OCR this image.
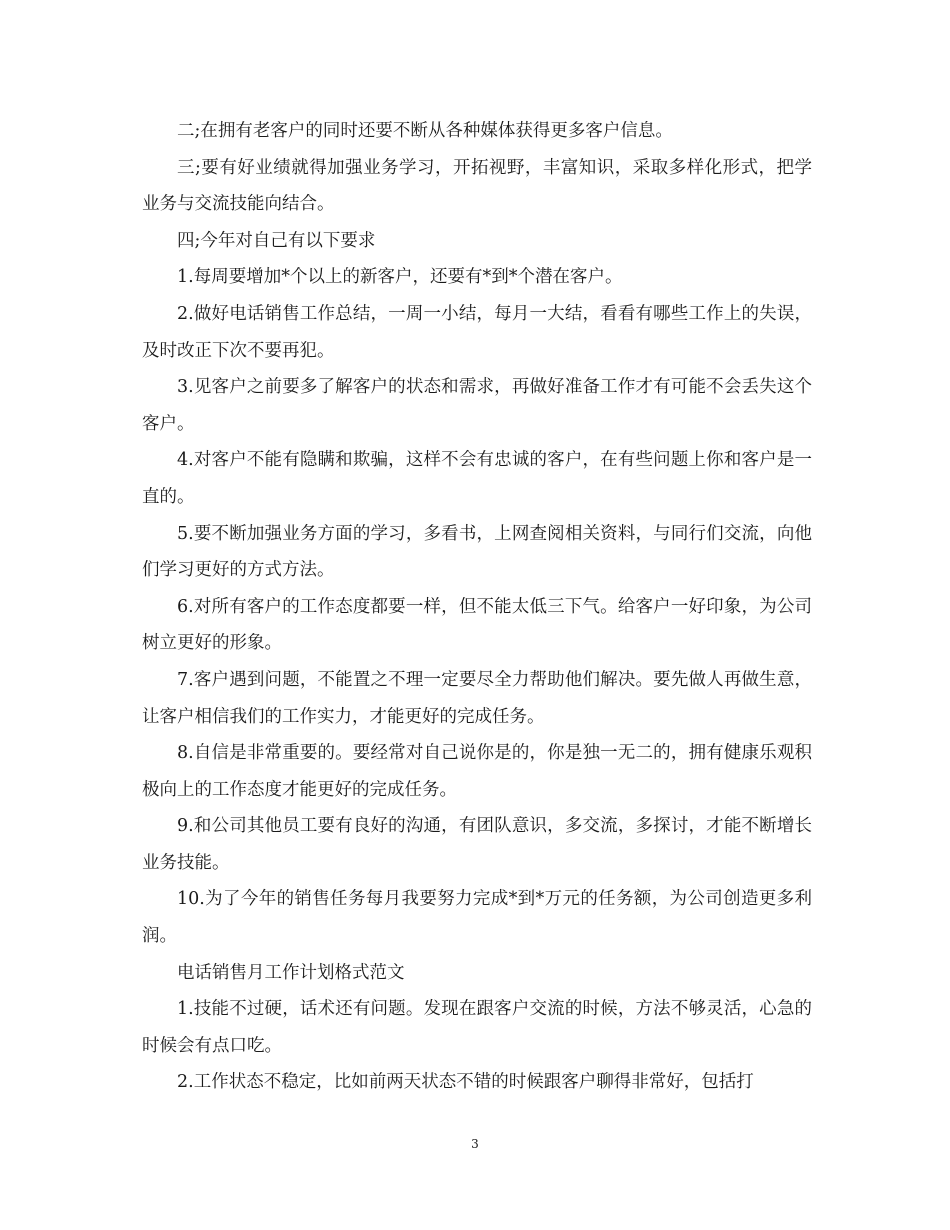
二;在拥有老客户的同时还要不断从各种媒体获得更多客户信息。

三;要有好业绩就得加强业务学习，开拓视野，丰富知识，采取多样化形式，把学业务与交流技能向结合。

四;今年对自己有以下要求

1.每周要增加*个以上的新客户，还要有*到*个潜在客户。

2.做好电话销售工作总结，一周一小结，每月一大结，看看有哪些工作上的失误，及时改正下次不要再犯。

3.见客户之前要多了解客户的状态和需求，再做好准备工作才有可能不会丢失这个客户。

4.对客户不能有隐瞒和欺骗，这样不会有忠诚的客户，在有些问题上你和客户是一直的。

5.要不断加强业务方面的学习，多看书，上网查阅相关资料，与同行们交流，向他们学习更好的方式方法。

6.对所有客户的工作态度都要一样，但不能太低三下气。给客户一好印象，为公司树立更好的形象。

7.客户遇到问题，不能置之不理一定要尽全力帮助他们解决。要先做人再做生意，让客户相信我们的工作实力，才能更好的完成任务。

8.自信是非常重要的。要经常对自己说你是的，你是独一无二的，拥有健康乐观积极向上的工作态度才能更好的完成任务。

9.和公司其他员工要有良好的沟通，有团队意识，多交流，多探讨，才能不断增长业务技能。

10.为了今年的销售任务每月我要努力完成*到*万元的任务额，为公司创造更多利润。

电话销售月工作计划格式范文

1.技能不过硬，话术还有问题。发现在跟客户交流的时候，方法不够灵活，心急的时候会有点口吃。

2.工作状态不稳定，比如前两天状态不错的时候跟客户聊得非常好，包括打

3
